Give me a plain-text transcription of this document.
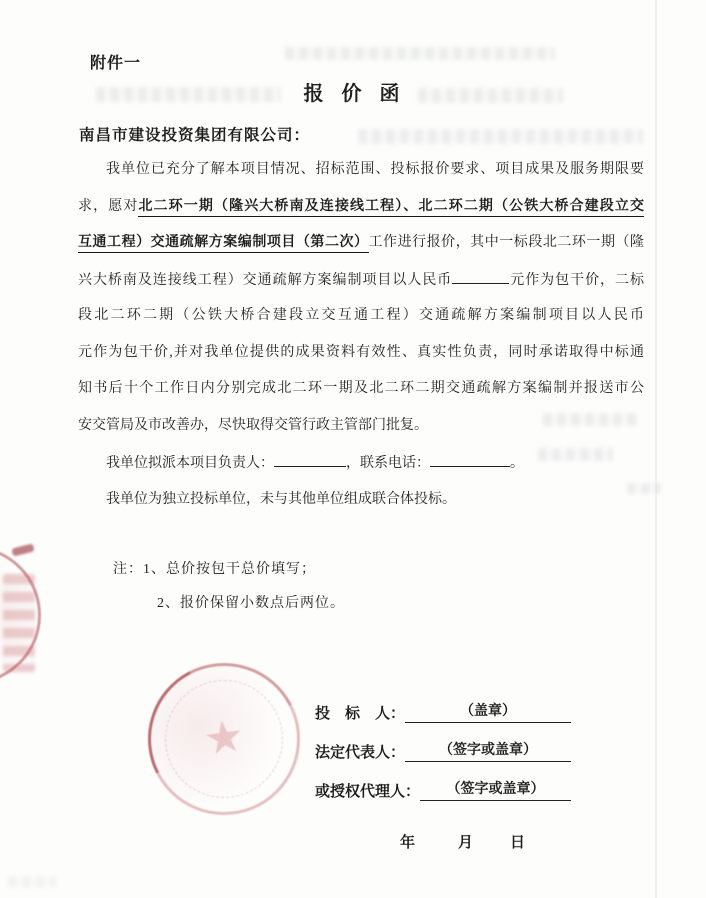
附件一
报 价 函
南昌市建设投资集团有限公司：
我单位已充分了解本项目情况、招标范围、投标报价要求、项目成果及服务期限要
求，愿对北二环一期（隆兴大桥南及连接线工程）、北二环二期（公铁大桥合建段立交
互通工程）交通疏解方案编制项目（第二次）工作进行报价，其中一标段北二环一期（隆
兴大桥南及连接线工程）交通疏解方案编制项目以人民币	元作为包干价，二标
段北二环二期（公铁大桥合建段立交互通工程）交通疏解方案编制项目以人民币
元作为包干价,并对我单位提供的成果资料有效性、真实性负责，同时承诺取得中标通
知书后十个工作日内分别完成北二环一期及北二环二期交通疏解方案编制并报送市公
安交管局及市改善办，尽快取得交管行政主管部门批复。
我单位拟派本项目负责人：	，联系电话：	。
我单位为独立投标单位，未与其他单位组成联合体投标。
注：1、总价按包干总价填写；
2、报价保留小数点后两位。
投　标　人：	（盖章）
法定代表人：	（签字或盖章）
或授权代理人：	（签字或盖章）
年	月 日
